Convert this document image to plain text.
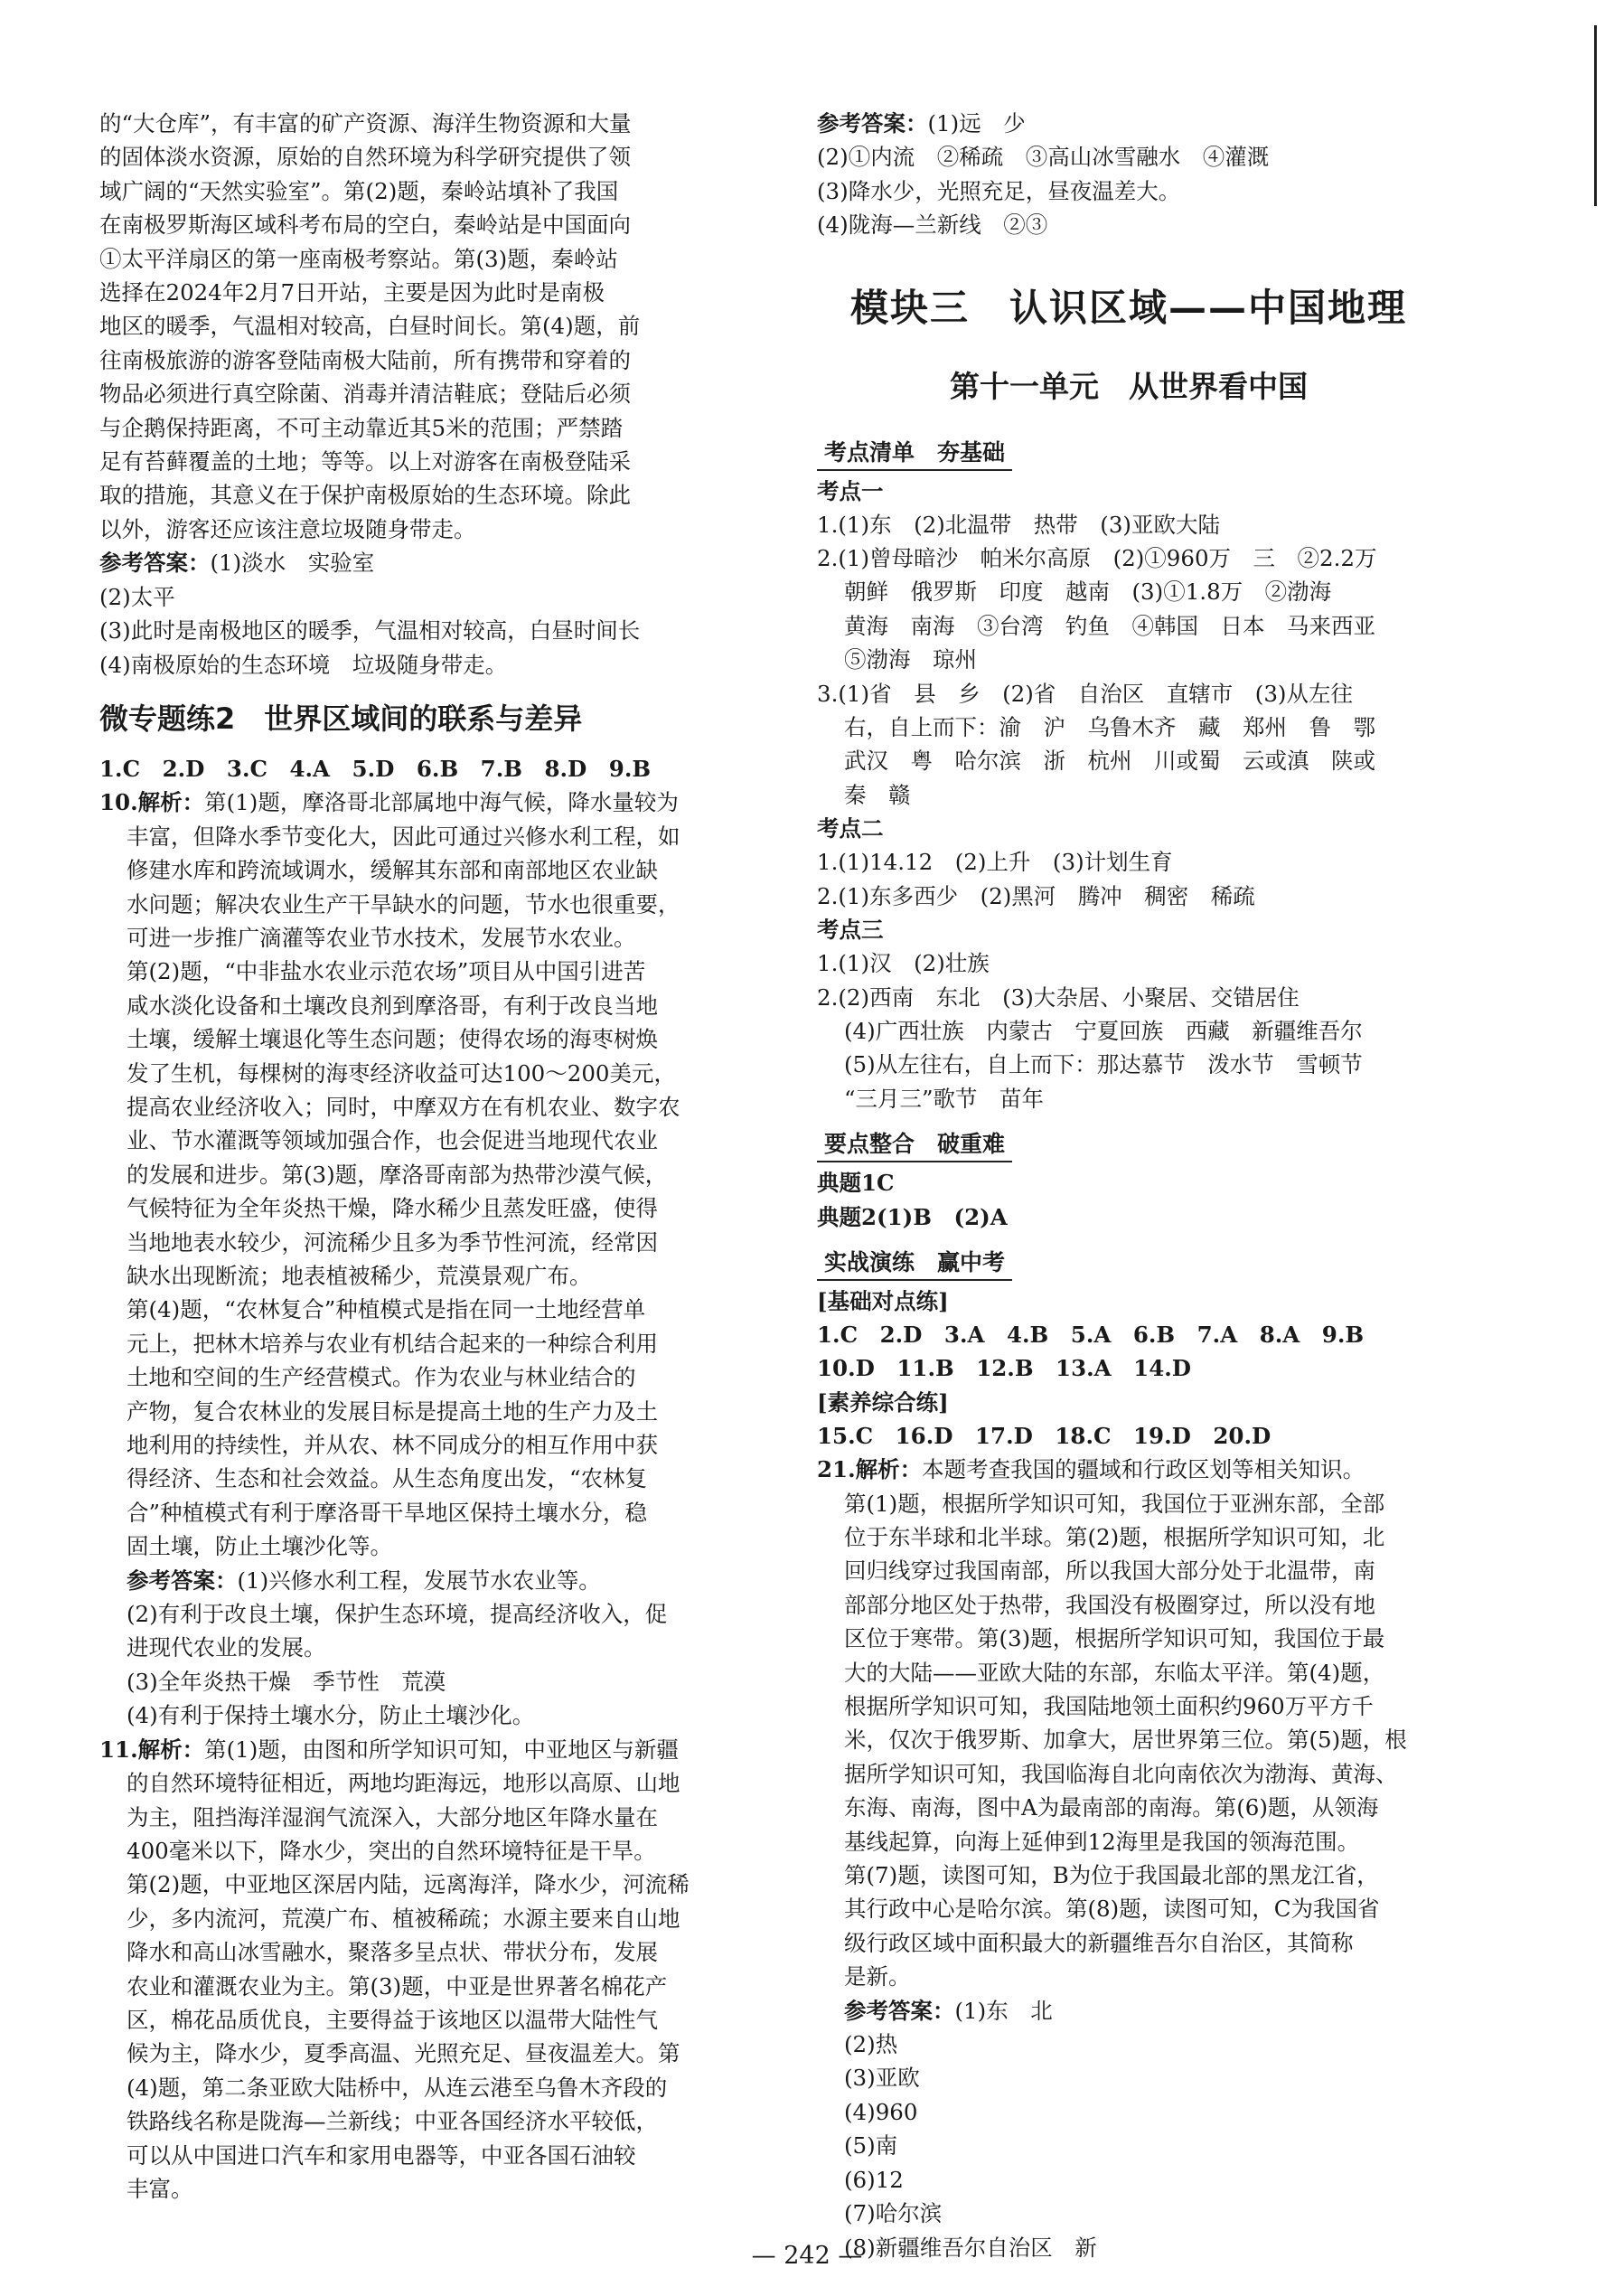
的“大仓库”，有丰富的矿产资源、海洋生物资源和大量

的固体淡水资源，原始的自然环境为科学研究提供了领

域广阔的“天然实验室”。第(2)题，秦岭站填补了我国

在南极罗斯海区域科考布局的空白，秦岭站是中国面向

①太平洋扇区的第一座南极考察站。第(3)题，秦岭站

选择在2024年2月7日开站，主要是因为此时是南极

地区的暖季，气温相对较高，白昼时间长。第(4)题，前

往南极旅游的游客登陆南极大陆前，所有携带和穿着的

物品必须进行真空除菌、消毒并清洁鞋底；登陆后必须

与企鹅保持距离，不可主动靠近其5米的范围；严禁踏

足有苔藓覆盖的土地；等等。以上对游客在南极登陆采

取的措施，其意义在于保护南极原始的生态环境。除此

以外，游客还应该注意垃圾随身带走。

参考答案：(1)淡水　实验室

(2)太平

(3)此时是南极地区的暖季，气温相对较高，白昼时间长

(4)南极原始的生态环境　垃圾随身带走。

微专题练2　世界区域间的联系与差异

1.C　2.D　3.C　4.A　5.D　6.B　7.B　8.D　9.B

10.解析：第(1)题，摩洛哥北部属地中海气候，降水量较为

丰富，但降水季节变化大，因此可通过兴修水利工程，如

修建水库和跨流域调水，缓解其东部和南部地区农业缺

水问题；解决农业生产干旱缺水的问题，节水也很重要，

可进一步推广滴灌等农业节水技术，发展节水农业。

第(2)题，“中非盐水农业示范农场”项目从中国引进苦

咸水淡化设备和土壤改良剂到摩洛哥，有利于改良当地

土壤，缓解土壤退化等生态问题；使得农场的海枣树焕

发了生机，每棵树的海枣经济收益可达100～200美元，

提高农业经济收入；同时，中摩双方在有机农业、数字农

业、节水灌溉等领域加强合作，也会促进当地现代农业

的发展和进步。第(3)题，摩洛哥南部为热带沙漠气候，

气候特征为全年炎热干燥，降水稀少且蒸发旺盛，使得

当地地表水较少，河流稀少且多为季节性河流，经常因

缺水出现断流；地表植被稀少，荒漠景观广布。

第(4)题，“农林复合”种植模式是指在同一土地经营单

元上，把林木培养与农业有机结合起来的一种综合利用

土地和空间的生产经营模式。作为农业与林业结合的

产物，复合农林业的发展目标是提高土地的生产力及土

地利用的持续性，并从农、林不同成分的相互作用中获

得经济、生态和社会效益。从生态角度出发，“农林复

合”种植模式有利于摩洛哥干旱地区保持土壤水分，稳

固土壤，防止土壤沙化等。

参考答案：(1)兴修水利工程，发展节水农业等。

(2)有利于改良土壤，保护生态环境，提高经济收入，促

进现代农业的发展。

(3)全年炎热干燥　季节性　荒漠

(4)有利于保持土壤水分，防止土壤沙化。

11.解析：第(1)题，由图和所学知识可知，中亚地区与新疆

的自然环境特征相近，两地均距海远，地形以高原、山地

为主，阻挡海洋湿润气流深入，大部分地区年降水量在

400毫米以下，降水少，突出的自然环境特征是干旱。

第(2)题，中亚地区深居内陆，远离海洋，降水少，河流稀

少，多内流河，荒漠广布、植被稀疏；水源主要来自山地

降水和高山冰雪融水，聚落多呈点状、带状分布，发展

农业和灌溉农业为主。第(3)题，中亚是世界著名棉花产

区，棉花品质优良，主要得益于该地区以温带大陆性气

候为主，降水少，夏季高温、光照充足、昼夜温差大。第

(4)题，第二条亚欧大陆桥中，从连云港至乌鲁木齐段的

铁路线名称是陇海—兰新线；中亚各国经济水平较低，

可以从中国进口汽车和家用电器等，中亚各国石油较

丰富。

参考答案：(1)远　少

(2)①内流　②稀疏　③高山冰雪融水　④灌溉

(3)降水少，光照充足，昼夜温差大。

(4)陇海—兰新线　②③

模块三　认识区域——中国地理
第十一单元　从世界看中国
考点清单　夯基础
考点一

1.(1)东　(2)北温带　热带　(3)亚欧大陆

2.(1)曾母暗沙　帕米尔高原　(2)①960万　三　②2.2万

朝鲜　俄罗斯　印度　越南　(3)①1.8万　②渤海

黄海　南海　③台湾　钓鱼　④韩国　日本　马来西亚

⑤渤海　琼州

3.(1)省　县　乡　(2)省　自治区　直辖市　(3)从左往

右，自上而下：渝　沪　乌鲁木齐　藏　郑州　鲁　鄂

武汉　粤　哈尔滨　浙　杭州　川或蜀　云或滇　陕或

秦　赣

考点二

1.(1)14.12　(2)上升　(3)计划生育

2.(1)东多西少　(2)黑河　腾冲　稠密　稀疏

考点三

1.(1)汉　(2)壮族

2.(2)西南　东北　(3)大杂居、小聚居、交错居住

(4)广西壮族　内蒙古　宁夏回族　西藏　新疆维吾尔

(5)从左往右，自上而下：那达慕节　泼水节　雪顿节

“三月三”歌节　苗年

要点整合　破重难

典题1C

典题2(1)B　(2)A

实战演练　赢中考
[基础对点练]

1.C　2.D　3.A　4.B　5.A　6.B　7.A　8.A　9.B

10.D　11.B　12.B　13.A　14.D

[素养综合练]

15.C　16.D　17.D　18.C　19.D　20.D

21.解析：本题考查我国的疆域和行政区划等相关知识。

第(1)题，根据所学知识可知，我国位于亚洲东部，全部

位于东半球和北半球。第(2)题，根据所学知识可知，北

回归线穿过我国南部，所以我国大部分处于北温带，南

部部分地区处于热带，我国没有极圈穿过，所以没有地

区位于寒带。第(3)题，根据所学知识可知，我国位于最

大的大陆——亚欧大陆的东部，东临太平洋。第(4)题，

根据所学知识可知，我国陆地领土面积约960万平方千

米，仅次于俄罗斯、加拿大，居世界第三位。第(5)题，根

据所学知识可知，我国临海自北向南依次为渤海、黄海、

东海、南海，图中A为最南部的南海。第(6)题，从领海

基线起算，向海上延伸到12海里是我国的领海范围。

第(7)题，读图可知，B为位于我国最北部的黑龙江省，

其行政中心是哈尔滨。第(8)题，读图可知，C为我国省

级行政区域中面积最大的新疆维吾尔自治区，其简称

是新。

参考答案：(1)东　北

(2)热

(3)亚欧

(4)960

(5)南

(6)12

(7)哈尔滨

(8)新疆维吾尔自治区　新

— 242 —
